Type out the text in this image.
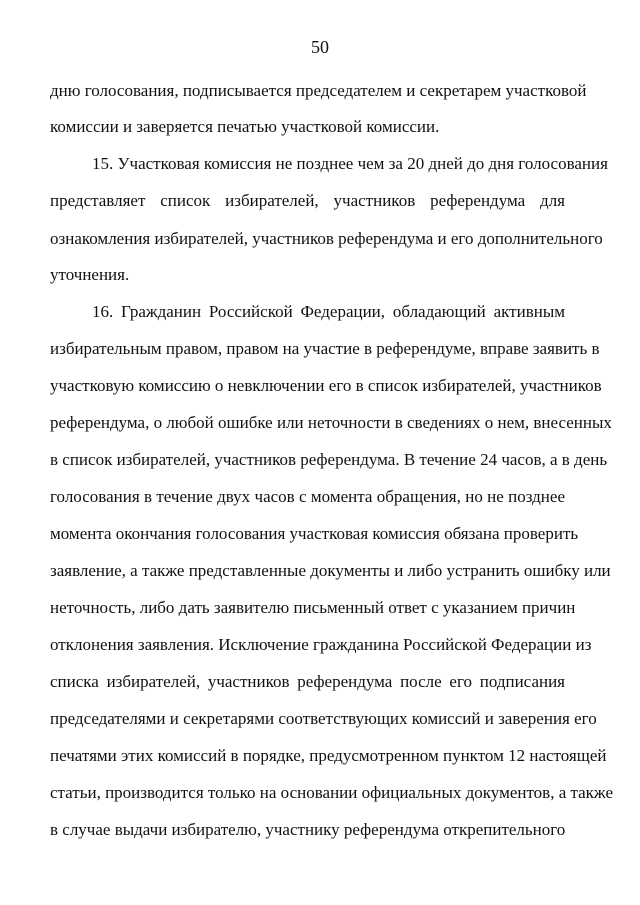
50
дню голосования, подписывается председателем и секретарем участковой
комиссии и заверяется печатью участковой комиссии.
15. Участковая комиссия не позднее чем за 20 дней до дня голосования
представляет список избирателей, участников референдума для
ознакомления избирателей, участников референдума и его дополнительного
уточнения.
16. Гражданин Российской Федерации, обладающий активным
избирательным правом, правом на участие в референдуме, вправе заявить в
участковую комиссию о невключении его в список избирателей, участников
референдума, о любой ошибке или неточности в сведениях о нем, внесенных
в список избирателей, участников референдума. В течение 24 часов, а в день
голосования в течение двух часов с момента обращения, но не позднее
момента окончания голосования участковая комиссия обязана проверить
заявление, а также представленные документы и либо устранить ошибку или
неточность, либо дать заявителю письменный ответ с указанием причин
отклонения заявления. Исключение гражданина Российской Федерации из
списка избирателей, участников референдума после его подписания
председателями и секретарями соответствующих комиссий и заверения его
печатями этих комиссий в порядке, предусмотренном пунктом 12 настоящей
статьи, производится только на основании официальных документов, а также
в случае выдачи избирателю, участнику референдума открепительного
